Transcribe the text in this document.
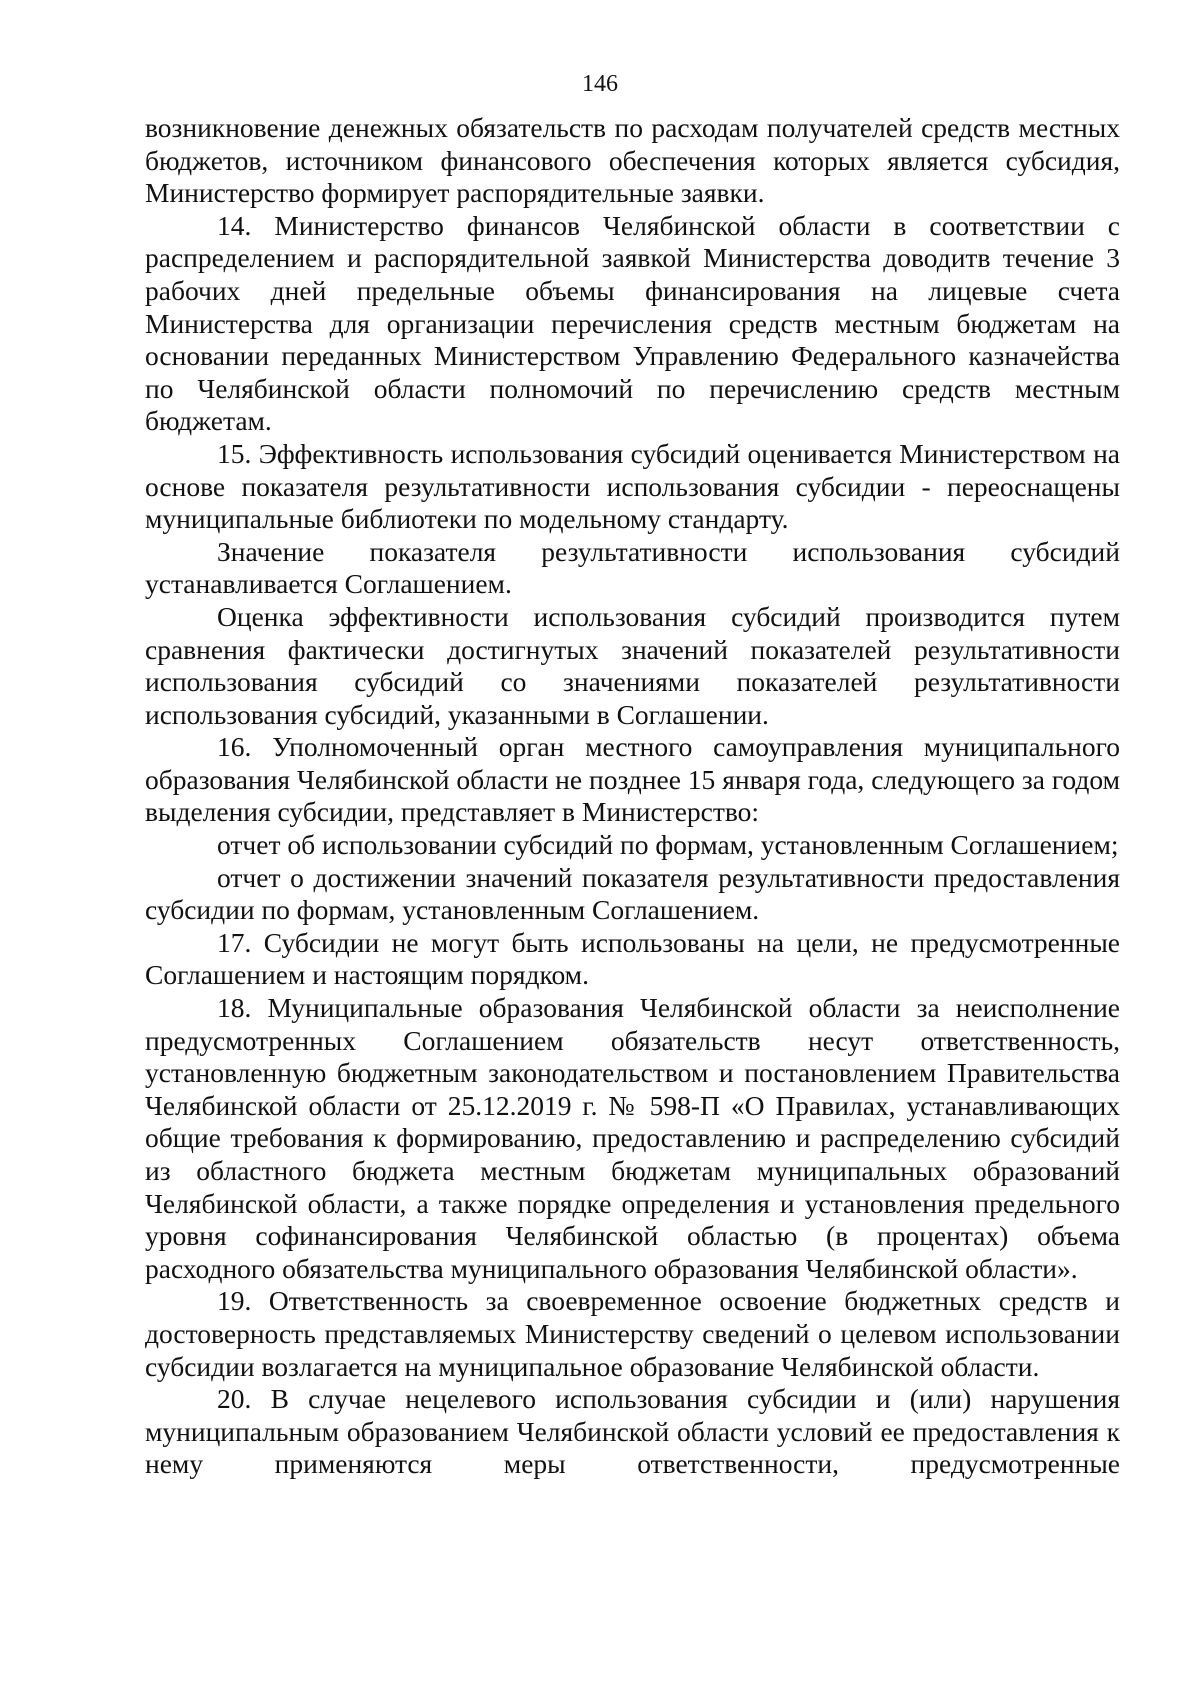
146

возникновение денежных обязательств по расходам получателей средств местных бюджетов, источником финансового обеспечения которых является субсидия, Министерство формирует распорядительные заявки.

14. Министерство финансов Челябинской области в соответствии с распределением и распорядительной заявкой Министерства доводитв течение 3 рабочих дней предельные объемы финансирования на лицевые счета Министерства для организации перечисления средств местным бюджетам на основании переданных Министерством Управлению Федерального казначейства по Челябинской области полномочий по перечислению средств местным бюджетам.

15. Эффективность использования субсидий оценивается Министерством на основе показателя результативности использования субсидии - переоснащены муниципальные библиотеки по модельному стандарту.

Значение показателя результативности использования субсидий устанавливается Соглашением.

Оценка эффективности использования субсидий производится путем сравнения фактически достигнутых значений показателей результативности использования субсидий со значениями показателей результативности использования субсидий, указанными в Соглашении.

16. Уполномоченный орган местного самоуправления муниципального образования Челябинской области не позднее 15 января года, следующего за годом выделения субсидии, представляет в Министерство:

отчет об использовании субсидий по формам, установленным Соглашением;

отчет о достижении значений показателя результативности предоставления субсидии по формам, установленным Соглашением.

17. Субсидии не могут быть использованы на цели, не предусмотренные Соглашением и настоящим порядком.

18. Муниципальные образования Челябинской области за неисполнение предусмотренных Соглашением обязательств несут ответственность, установленную бюджетным законодательством и постановлением Правительства Челябинской области от 25.12.2019 г. № 598-П «О Правилах, устанавливающих общие требования к формированию, предоставлению и распределению субсидий из областного бюджета местным бюджетам муниципальных образований Челябинской области, а также порядке определения и установления предельного уровня софинансирования Челябинской областью (в процентах) объема расходного обязательства муниципального образования Челябинской области».

19. Ответственность за своевременное освоение бюджетных средств и достоверность представляемых Министерству сведений о целевом использовании субсидии возлагается на муниципальное образование Челябинской области.

20. В случае нецелевого использования субсидии и (или) нарушения муниципальным образованием Челябинской области условий ее предоставления к нему применяются меры ответственности, предусмотренные
